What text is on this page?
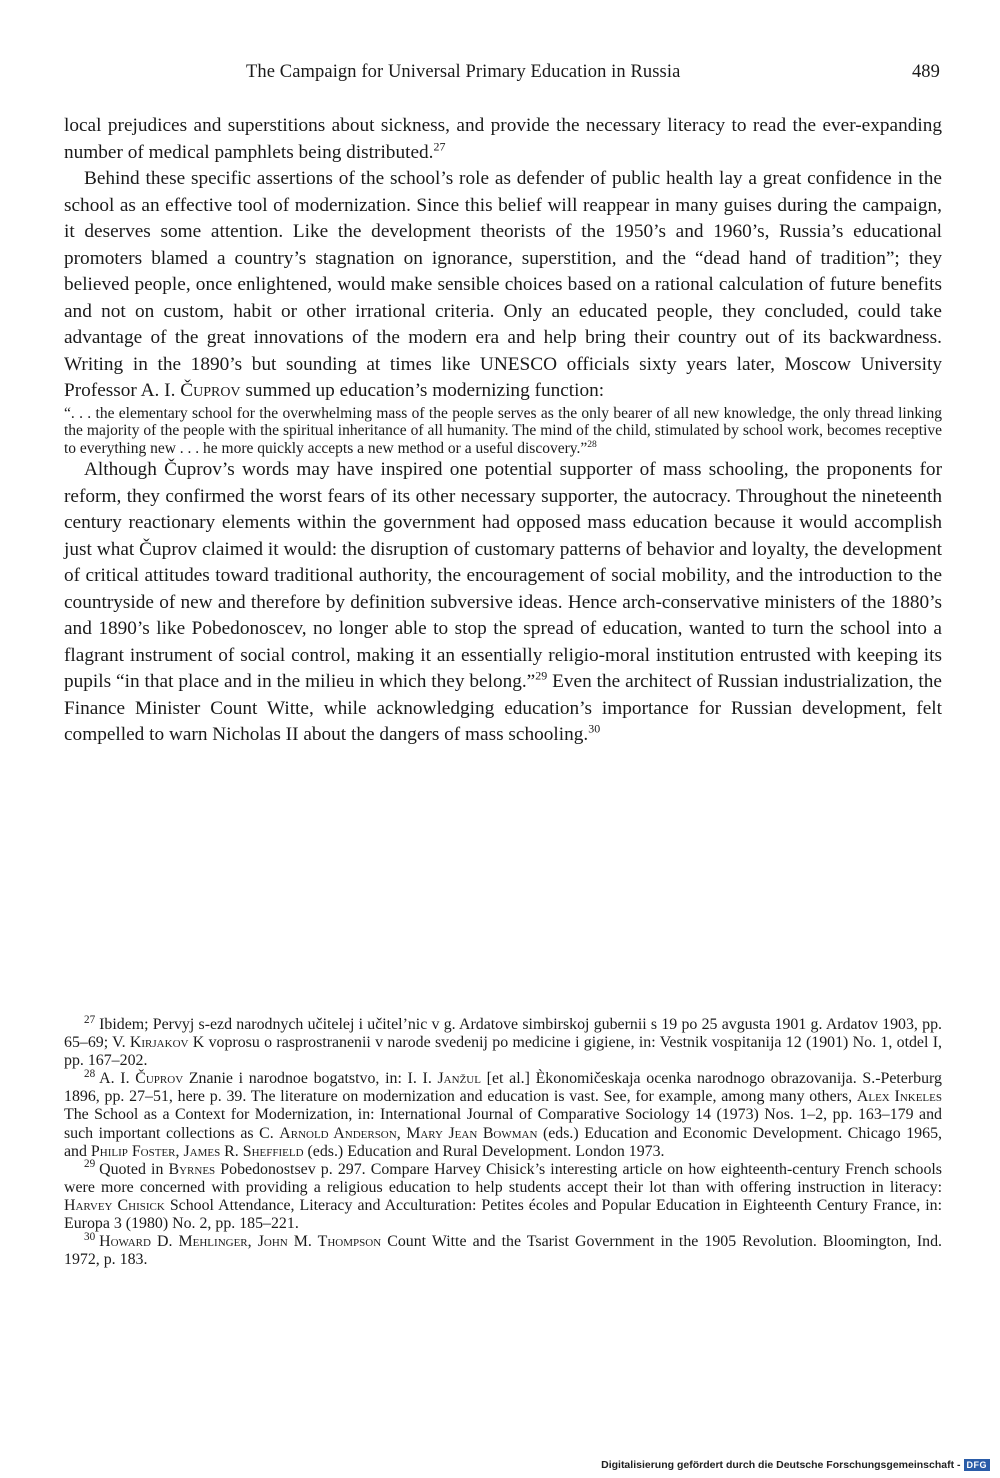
The Campaign for Universal Primary Education in Russia	489

local prejudices and superstitions about sickness, and provide the necessary literacy to read the ever-expanding number of medical pamphlets being distributed.$^{27}$

Behind these specific assertions of the school’s role as defender of public health lay a great confidence in the school as an effective tool of modernization. Since this belief will reappear in many guises during the campaign, it deserves some attention. Like the development theorists of the 1950’s and 1960’s, Russia’s educational promoters blamed a country’s stagnation on ignorance, superstition, and the “dead hand of tradition”; they believed people, once enlightened, would make sensible choices based on a rational calculation of future benefits and not on custom, habit or other irrational criteria. Only an educated people, they concluded, could take advantage of the great innovations of the modern era and help bring their country out of its backwardness. Writing in the 1890’s but sounding at times like UNESCO officials sixty years later, Moscow University Professor A. I. Čuprov summed up education’s modernizing function:

“. . . the elementary school for the overwhelming mass of the people serves as the only bearer of all new knowledge, the only thread linking the majority of the people with the spiritual inheritance of all humanity. The mind of the child, stimulated by school work, becomes receptive to everything new . . . he more quickly accepts a new method or a useful discovery.”$^{28}$

Although Čuprov’s words may have inspired one potential supporter of mass schooling, the proponents for reform, they confirmed the worst fears of its other necessary supporter, the autocracy. Throughout the nineteenth century reactionary elements within the government had opposed mass education because it would accomplish just what Čuprov claimed it would: the disruption of customary patterns of behavior and loyalty, the development of critical attitudes toward traditional authority, the encouragement of social mobility, and the introduction to the countryside of new and therefore by definition subversive ideas. Hence arch-conservative ministers of the 1880’s and 1890’s like Pobedonoscev, no longer able to stop the spread of education, wanted to turn the school into a flagrant instrument of social control, making it an essentially religio-moral institution entrusted with keeping its pupils “in that place and in the milieu in which they belong.”$^{29}$ Even the architect of Russian industrialization, the Finance Minister Count Witte, while acknowledging education’s importance for Russian development, felt compelled to warn Nicholas II about the dangers of mass schooling.$^{30}$

$^{27}$ Ibidem; Pervyj s-ezd narodnych učitelej i učitel’nic v g. Ardatove simbirskoj gubernii s 19 po 25 avgusta 1901 g. Ardatov 1903, pp. 65–69; V. Kirjakov K voprosu o rasprostranenii v narode svedenij po medicine i gigiene, in: Vestnik vospitanija 12 (1901) No. 1, otdel I, pp. 167–202.

$^{28}$ A. I. Čuprov Znanie i narodnoe bogatstvo, in: I. I. Janžul [et al.] Èkonomičeskaja ocenka narodnogo obrazovanija. S.-Peterburg 1896, pp. 27–51, here p. 39. The literature on modernization and education is vast. See, for example, among many others, Alex Inkeles The School as a Context for Modernization, in: International Journal of Comparative Sociology 14 (1973) Nos. 1–2, pp. 163–179 and such important collections as C. Arnold Anderson, Mary Jean Bowman (eds.) Education and Economic Development. Chicago 1965, and Philip Foster, James R. Sheffield (eds.) Education and Rural Development. London 1973.

$^{29}$ Quoted in Byrnes Pobedonostsev p. 297. Compare Harvey Chisick’s interesting article on how eighteenth-century French schools were more concerned with providing a religious education to help students accept their lot than with offering instruction in literacy: Harvey Chisick School Attendance, Literacy and Acculturation: Petites écoles and Popular Education in Eighteenth Century France, in: Europa 3 (1980) No. 2, pp. 185–221.

$^{30}$ Howard D. Mehlinger, John M. Thompson Count Witte and the Tsarist Government in the 1905 Revolution. Bloomington, Ind. 1972, p. 183.

Digitalisierung gefördert durch die Deutsche Forschungsgemeinschaft - DFG
